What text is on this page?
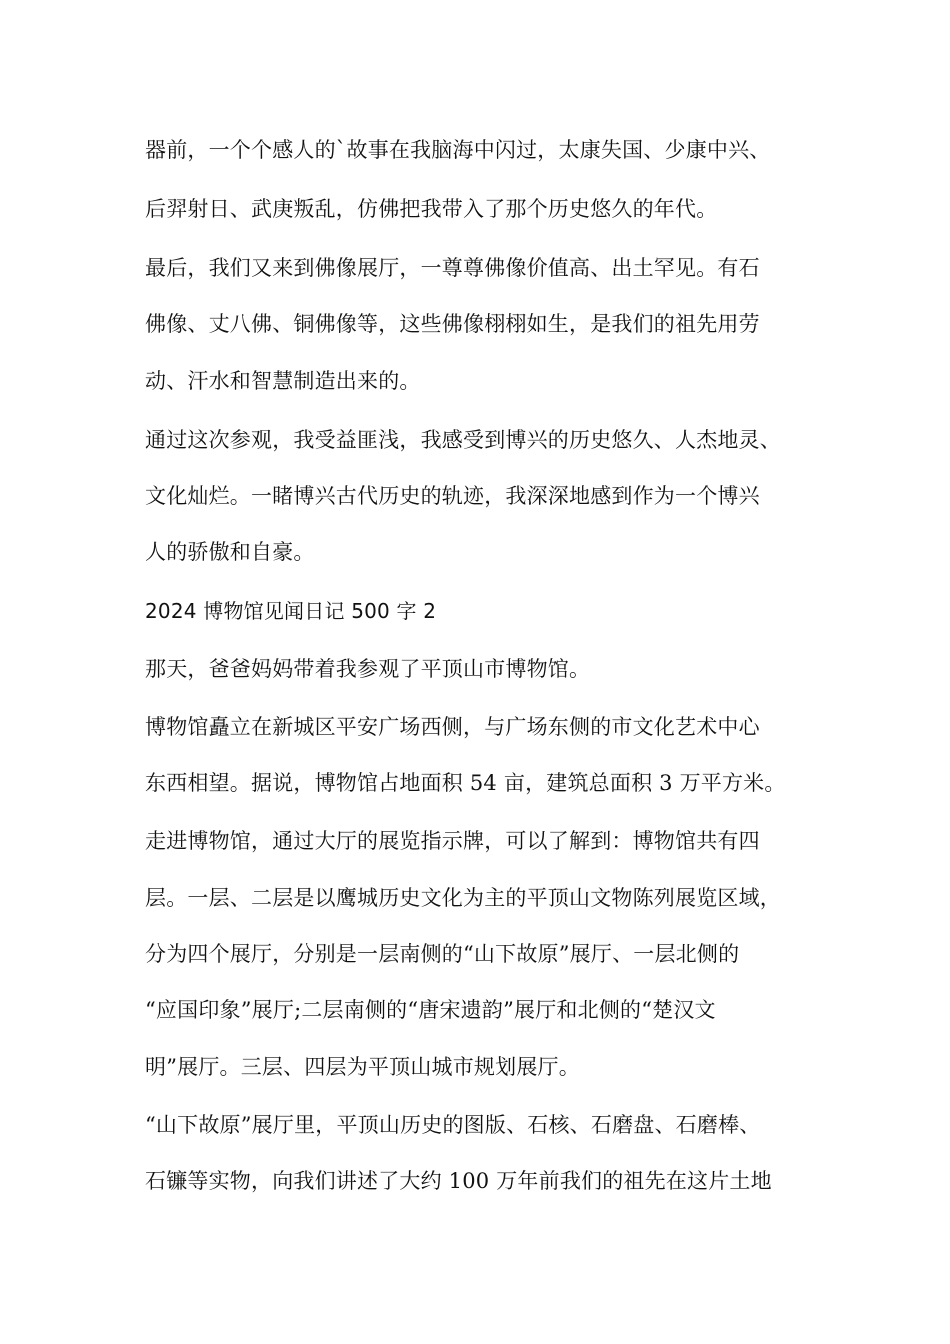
器前，一个个感人的`故事在我脑海中闪过，太康失国、少康中兴、
后羿射日、武庚叛乱，仿佛把我带入了那个历史悠久的年代。
最后，我们又来到佛像展厅，一尊尊佛像价值高、出土罕见。有石
佛像、丈八佛、铜佛像等，这些佛像栩栩如生，是我们的祖先用劳
动、汗水和智慧制造出来的。
通过这次参观，我受益匪浅，我感受到博兴的历史悠久、人杰地灵、
文化灿烂。一睹博兴古代历史的轨迹，我深深地感到作为一个博兴
人的骄傲和自豪。
2024 博物馆见闻日记 500 字 2
那天，爸爸妈妈带着我参观了平顶山市博物馆。
博物馆矗立在新城区平安广场西侧，与广场东侧的市文化艺术中心
东西相望。据说，博物馆占地面积 54 亩，建筑总面积 3 万平方米。
走进博物馆，通过大厅的展览指示牌，可以了解到：博物馆共有四
层。一层、二层是以鹰城历史文化为主的平顶山文物陈列展览区域，
分为四个展厅，分别是一层南侧的“山下故原”展厅、一层北侧的
“应国印象”展厅;二层南侧的“唐宋遗韵”展厅和北侧的“楚汉文
明”展厅。三层、四层为平顶山城市规划展厅。
“山下故原”展厅里，平顶山历史的图版、石核、石磨盘、石磨棒、
石镰等实物，向我们讲述了大约 100 万年前我们的祖先在这片土地
